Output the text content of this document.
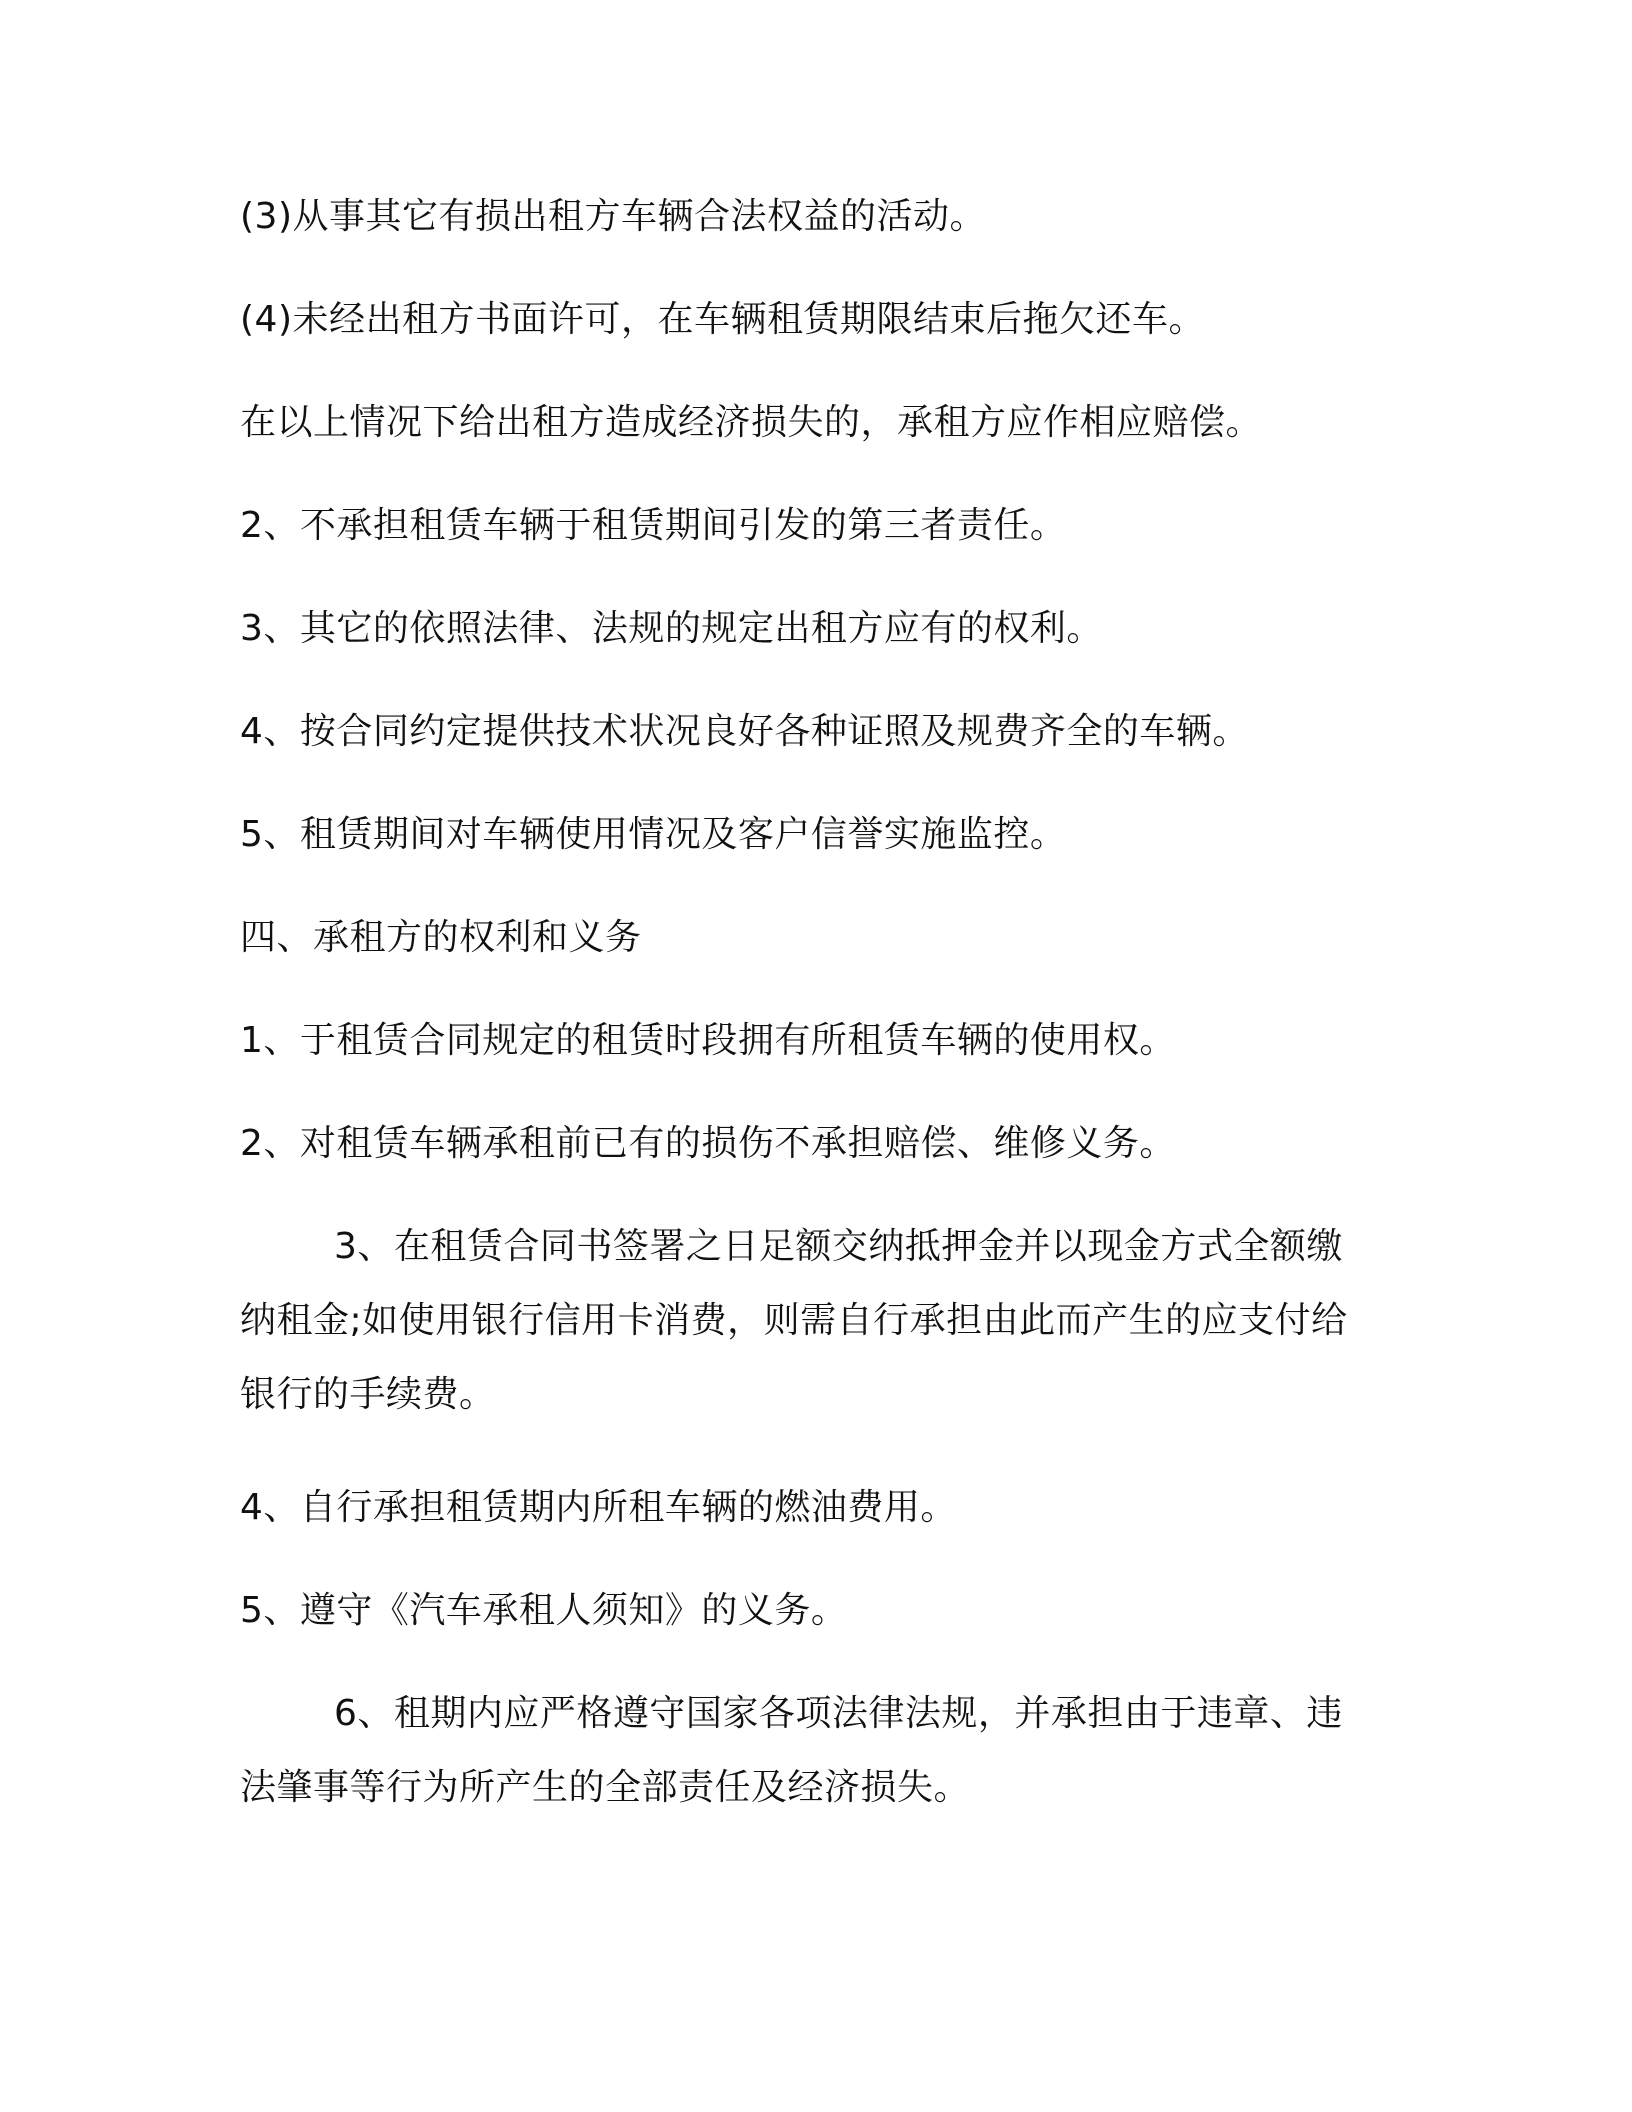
(3)从事其它有损出租方车辆合法权益的活动。

(4)未经出租方书面许可，在车辆租赁期限结束后拖欠还车。

在以上情况下给出租方造成经济损失的，承租方应作相应赔偿。

2、不承担租赁车辆于租赁期间引发的第三者责任。

3、其它的依照法律、法规的规定出租方应有的权利。

4、按合同约定提供技术状况良好各种证照及规费齐全的车辆。

5、租赁期间对车辆使用情况及客户信誉实施监控。

四、承租方的权利和义务

1、于租赁合同规定的租赁时段拥有所租赁车辆的使用权。

2、对租赁车辆承租前已有的损伤不承担赔偿、维修义务。

3、在租赁合同书签署之日足额交纳抵押金并以现金方式全额缴纳租金;如使用银行信用卡消费，则需自行承担由此而产生的应支付给银行的手续费。

4、自行承担租赁期内所租车辆的燃油费用。

5、遵守《汽车承租人须知》的义务。

6、租期内应严格遵守国家各项法律法规，并承担由于违章、违法肇事等行为所产生的全部责任及经济损失。
